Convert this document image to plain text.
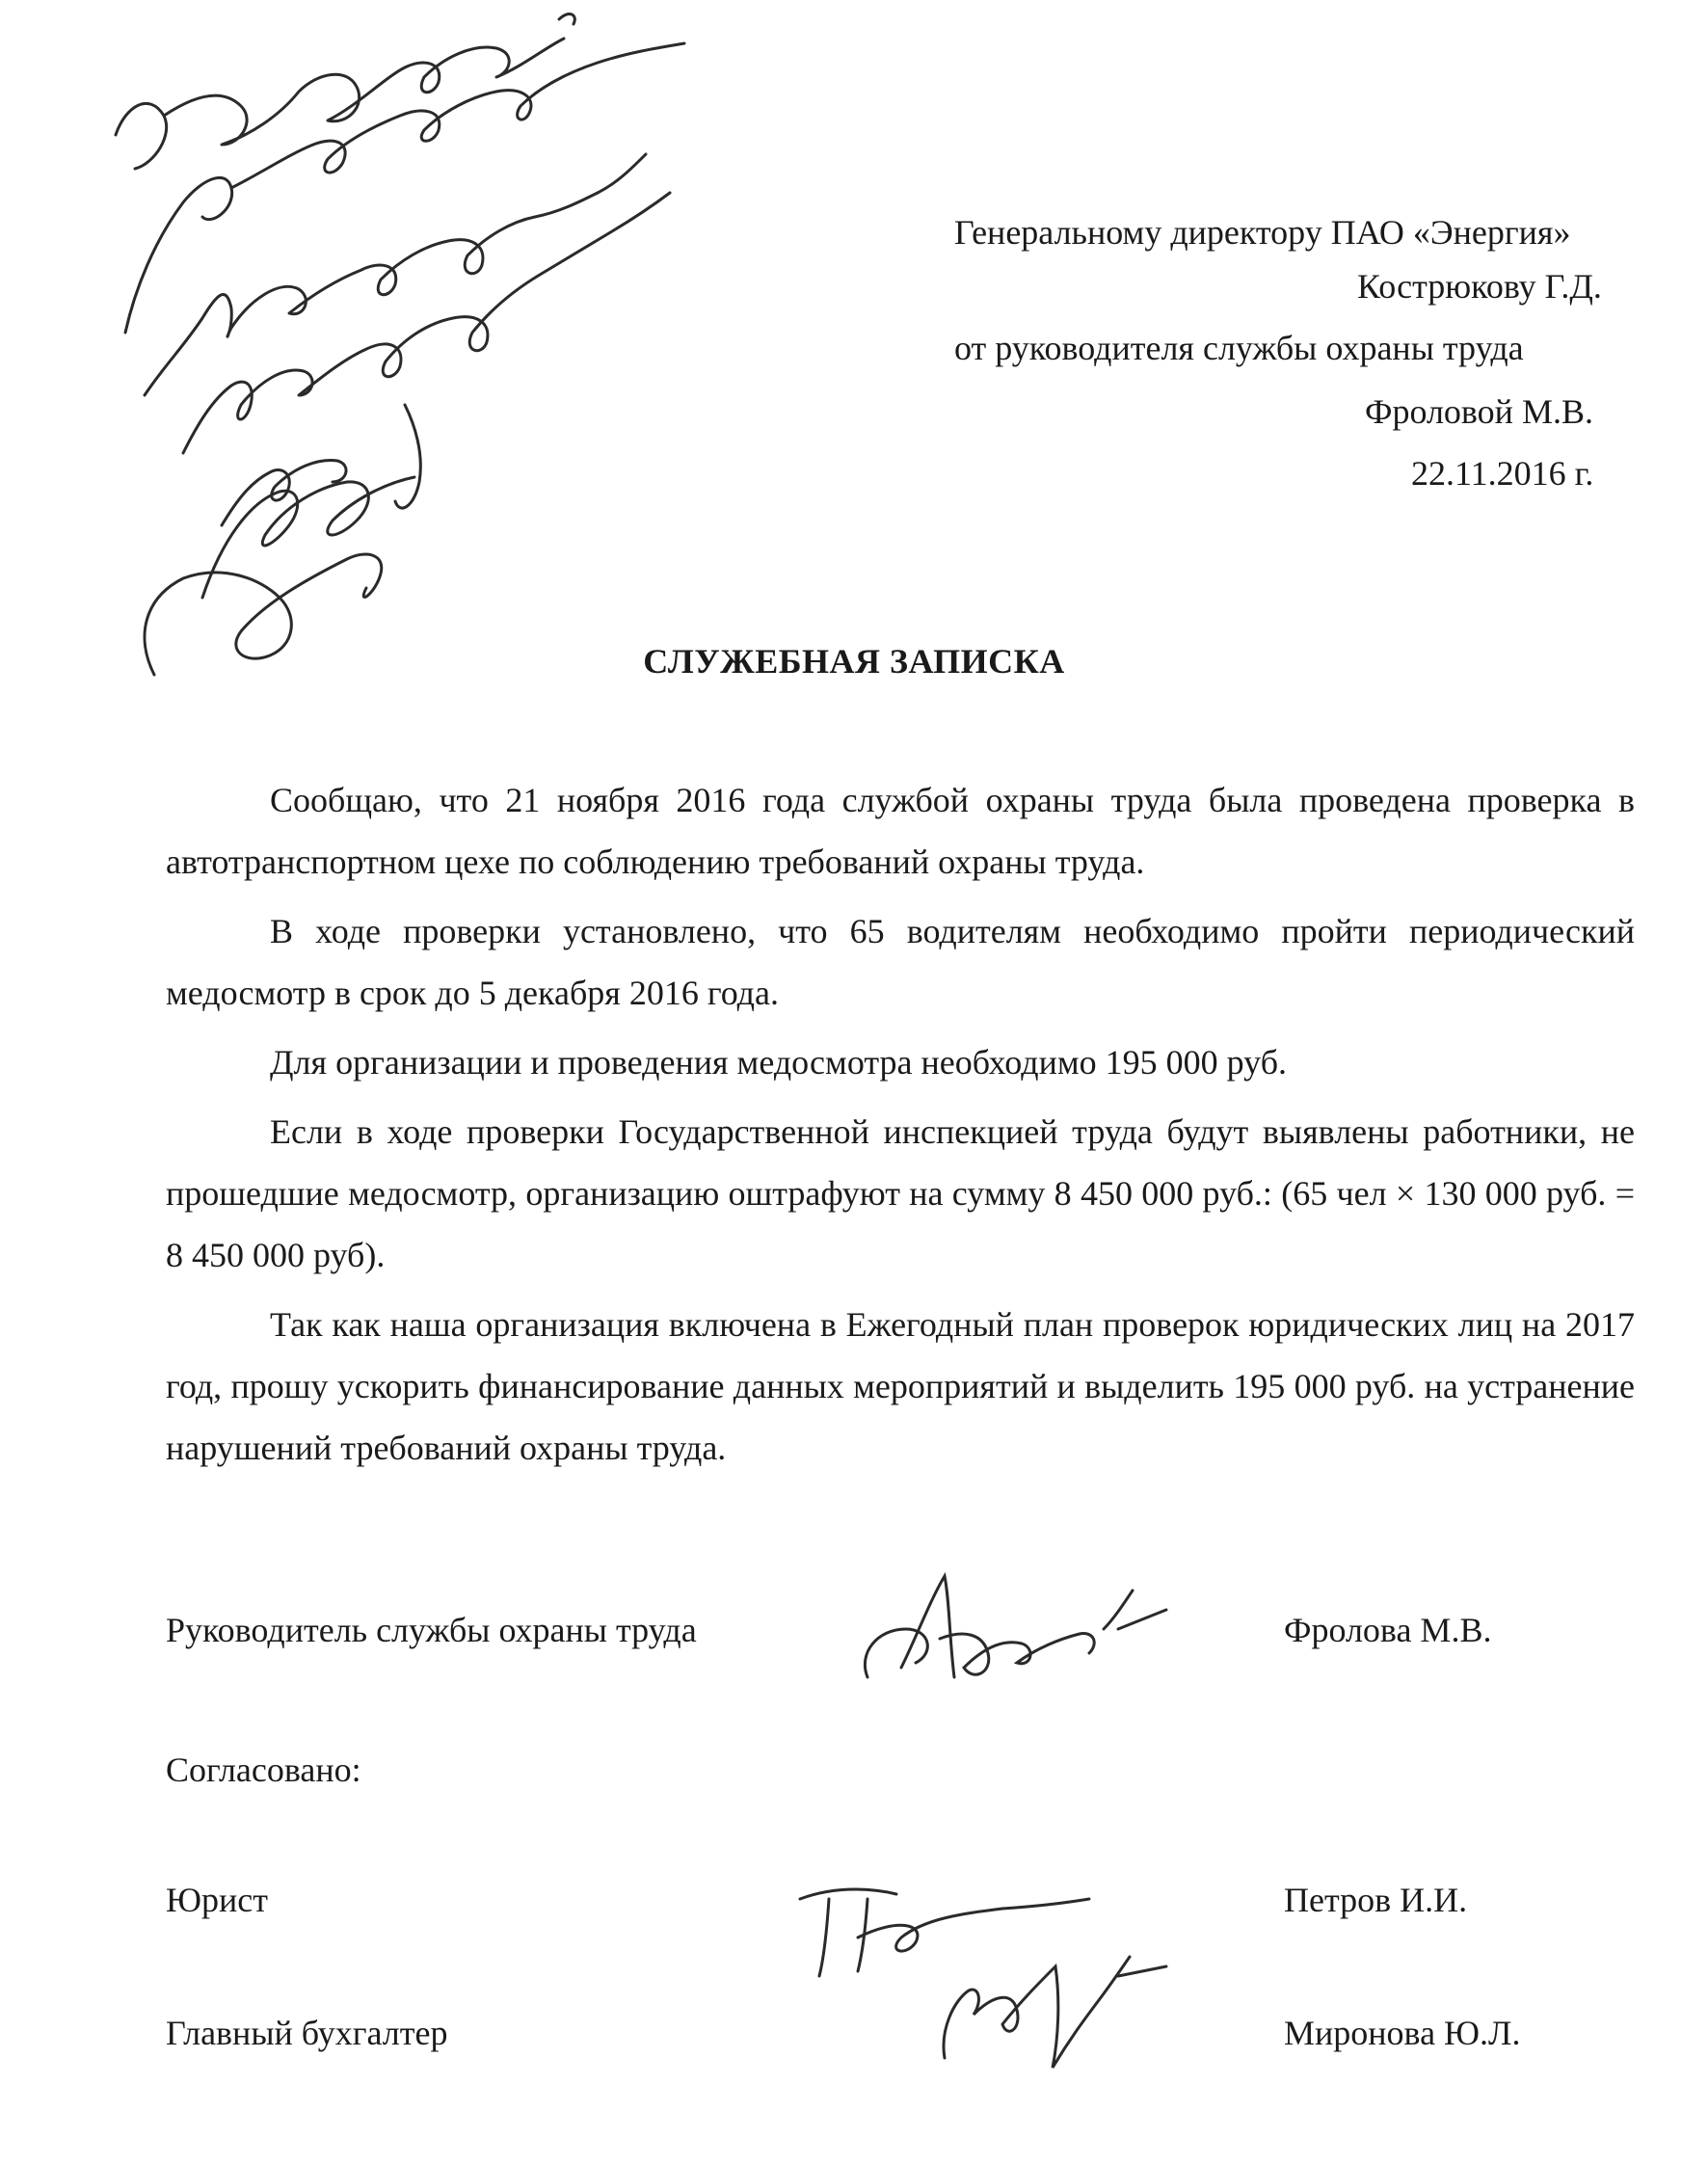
Генеральному директору ПАО «Энергия»
Кострюкову Г.Д.
от руководителя службы охраны труда
Фроловой М.В.
22.11.2016 г.
СЛУЖЕБНАЯ ЗАПИСКА

Сообщаю, что 21 ноября 2016 года службой охраны труда была проведена проверка в автотранспортном цехе по соблюдению требований охраны труда.

В ходе проверки установлено, что 65 водителям необходимо пройти периодический медосмотр в срок до 5 декабря 2016 года.

Для организации и проведения медосмотра необходимо 195 000 руб.

Если в ходе проверки Государственной инспекцией труда будут выявлены работники, не прошедшие медосмотр, организацию оштрафуют на сумму 8 450 000 руб.: (65 чел × 130 000 руб. = 8 450 000 руб).

Так как наша организация включена в Ежегодный план проверок юридических лиц на 2017 год, прошу ускорить финансирование данных мероприятий и выделить 195 000 руб. на устранение нарушений требований охраны труда.

Руководитель службы охраны труда	Фролова М.В.
Согласовано:
Юрист	Петров И.И.
Главный бухгалтер	Миронова Ю.Л.
